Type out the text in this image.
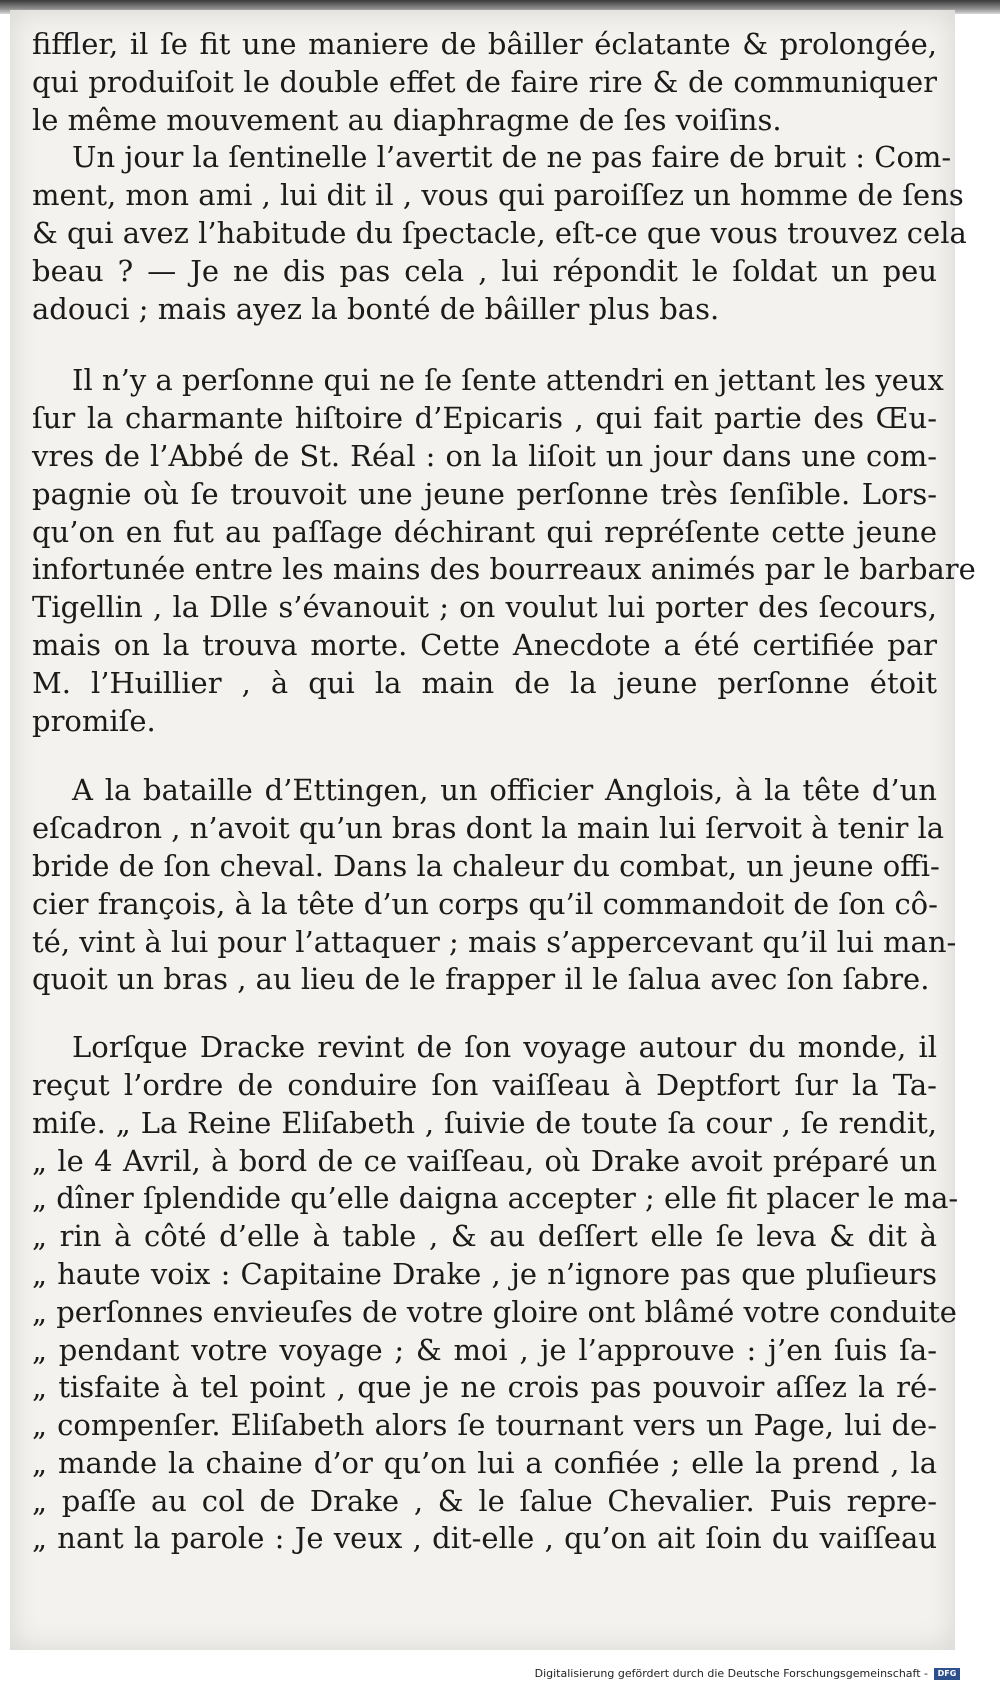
fiffler, il ſe fit une maniere de bâiller éclatante & prolongée,
qui produiſoit le double effet de faire rire & de communiquer
le même mouvement au diaphragme de ſes voiſins.
Un jour la ſentinelle l’avertit de ne pas faire de bruit : Com-
ment, mon ami , lui dit il , vous qui paroiſſez un homme de ſens
& qui avez l’habitude du ſpectacle, eſt-ce que vous trouvez cela
beau ? — Je ne dis pas cela , lui répondit le ſoldat un peu
adouci ; mais ayez la bonté de bâiller plus bas.
Il n’y a perſonne qui ne ſe ſente attendri en jettant les yeux
ſur la charmante hiſtoire d’Epicaris , qui fait partie des Œu-
vres de l’Abbé de St. Réal : on la liſoit un jour dans une com-
pagnie où ſe trouvoit une jeune perſonne très ſenſible. Lors-
qu’on en fut au paſſage déchirant qui repréſente cette jeune
infortunée entre les mains des bourreaux animés par le barbare
Tigellin , la Dlle s’évanouit ; on voulut lui porter des ſecours,
mais on la trouva morte. Cette Anecdote a été certifiée par
M. l’Huillier , à qui la main de la jeune perſonne étoit
promiſe.
A la bataille d’Ettingen, un officier Anglois, à la tête d’un
eſcadron , n’avoit qu’un bras dont la main lui ſervoit à tenir la
bride de ſon cheval. Dans la chaleur du combat, un jeune offi-
cier françois, à la tête d’un corps qu’il commandoit de ſon cô-
té, vint à lui pour l’attaquer ; mais s’appercevant qu’il lui man-
quoit un bras , au lieu de le frapper il le ſalua avec ſon ſabre.
Lorſque Dracke revint de ſon voyage autour du monde, il
reçut l’ordre de conduire ſon vaiſſeau à Deptfort ſur la Ta-
miſe. „ La Reine Eliſabeth , ſuivie de toute ſa cour , ſe rendit,
„ le 4 Avril, à bord de ce vaiſſeau, où Drake avoit préparé un
„ dîner ſplendide qu’elle daigna accepter ; elle fit placer le ma-
„ rin à côté d’elle à table , & au deſſert elle ſe leva & dit à
„ haute voix : Capitaine Drake , je n’ignore pas que pluſieurs
„ perſonnes envieuſes de votre gloire ont blâmé votre conduite
„ pendant votre voyage ; & moi , je l’approuve : j’en ſuis ſa-
„ tisfaite à tel point , que je ne crois pas pouvoir aſſez la ré-
„ compenſer. Eliſabeth alors ſe tournant vers un Page, lui de-
„ mande la chaine d’or qu’on lui a confiée ; elle la prend , la
„ paſſe au col de Drake , & le ſalue Chevalier. Puis repre-
„ nant la parole : Je veux , dit-elle , qu’on ait ſoin du vaiſſeau
Digitalisierung gefördert durch die Deutsche Forschungsgemeinschaft -	DFG
